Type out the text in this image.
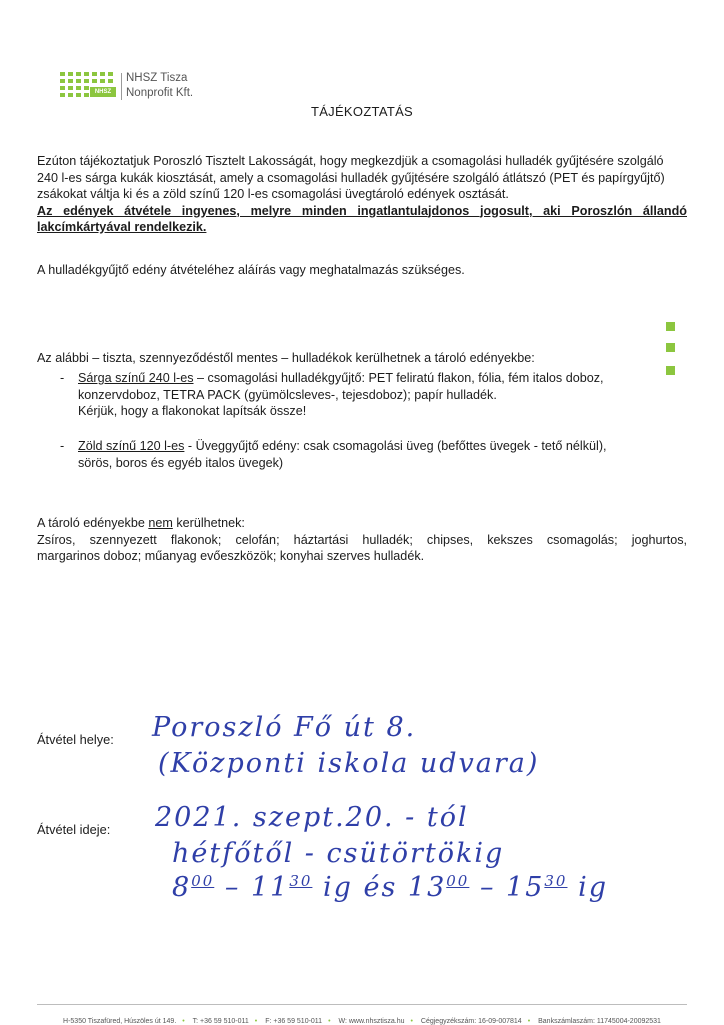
NHSZ
NHSZ Tisza
Nonprofit Kft.
TÁJÉKOZTATÁS
Ezúton tájékoztatjuk Poroszló Tisztelt Lakosságát, hogy megkezdjük a csomagolási hulladék gyűjtésére szolgáló
240 l-es sárga kukák kiosztását, amely a csomagolási hulladék gyűjtésére szolgáló átlátszó (PET és papírgyűjtő)
zsákokat váltja ki és a zöld színű 120 l-es csomagolási üvegtároló edények osztását.
Az edények átvétele ingyenes, melyre minden ingatlantulajdonos jogosult, aki Poroszlón állandó
lakcímkártyával rendelkezik.
A hulladékgyűjtő edény átvételéhez aláírás vagy meghatalmazás szükséges.
Az alábbi – tiszta, szennyeződéstől mentes – hulladékok kerülhetnek a tároló edényekbe:
- Sárga színű 240 l-es – csomagolási hulladékgyűjtő: PET feliratú flakon, fólia, fém italos doboz,
konzervdoboz, TETRA PACK (gyümölcsleves-, tejesdoboz); papír hulladék.
Kérjük, hogy a flakonokat lapítsák össze!
- Zöld színű 120 l-es - Üveggyűjtő edény: csak csomagolási üveg (befőttes üvegek - tető nélkül),
sörös, boros és egyéb italos üvegek)
A tároló edényekbe nem kerülhetnek:
Zsíros, szennyezett flakonok; celofán; háztartási hulladék; chipses, kekszes csomagolás; joghurtos,
margarinos doboz; műanyag evőeszközök; konyhai szerves hulladék.
Átvétel helye: Poroszló Fő út 8.
(Központi iskola udvara)
Átvétel ideje: 2021. szept.20. - tól
hétfőtől - csütörtökig
$8^{00} - 11^{30}$ ig és $13^{00} - 15^{30}$ ig
H-5350 Tiszafüred, Húszöles út 149. • T: +36 59 510-011 • F: +36 59 510-011 • W: www.nhsztisza.hu • Cégjegyzékszám: 16-09-007814 • Bankszámlaszám: 11745004-20092531
